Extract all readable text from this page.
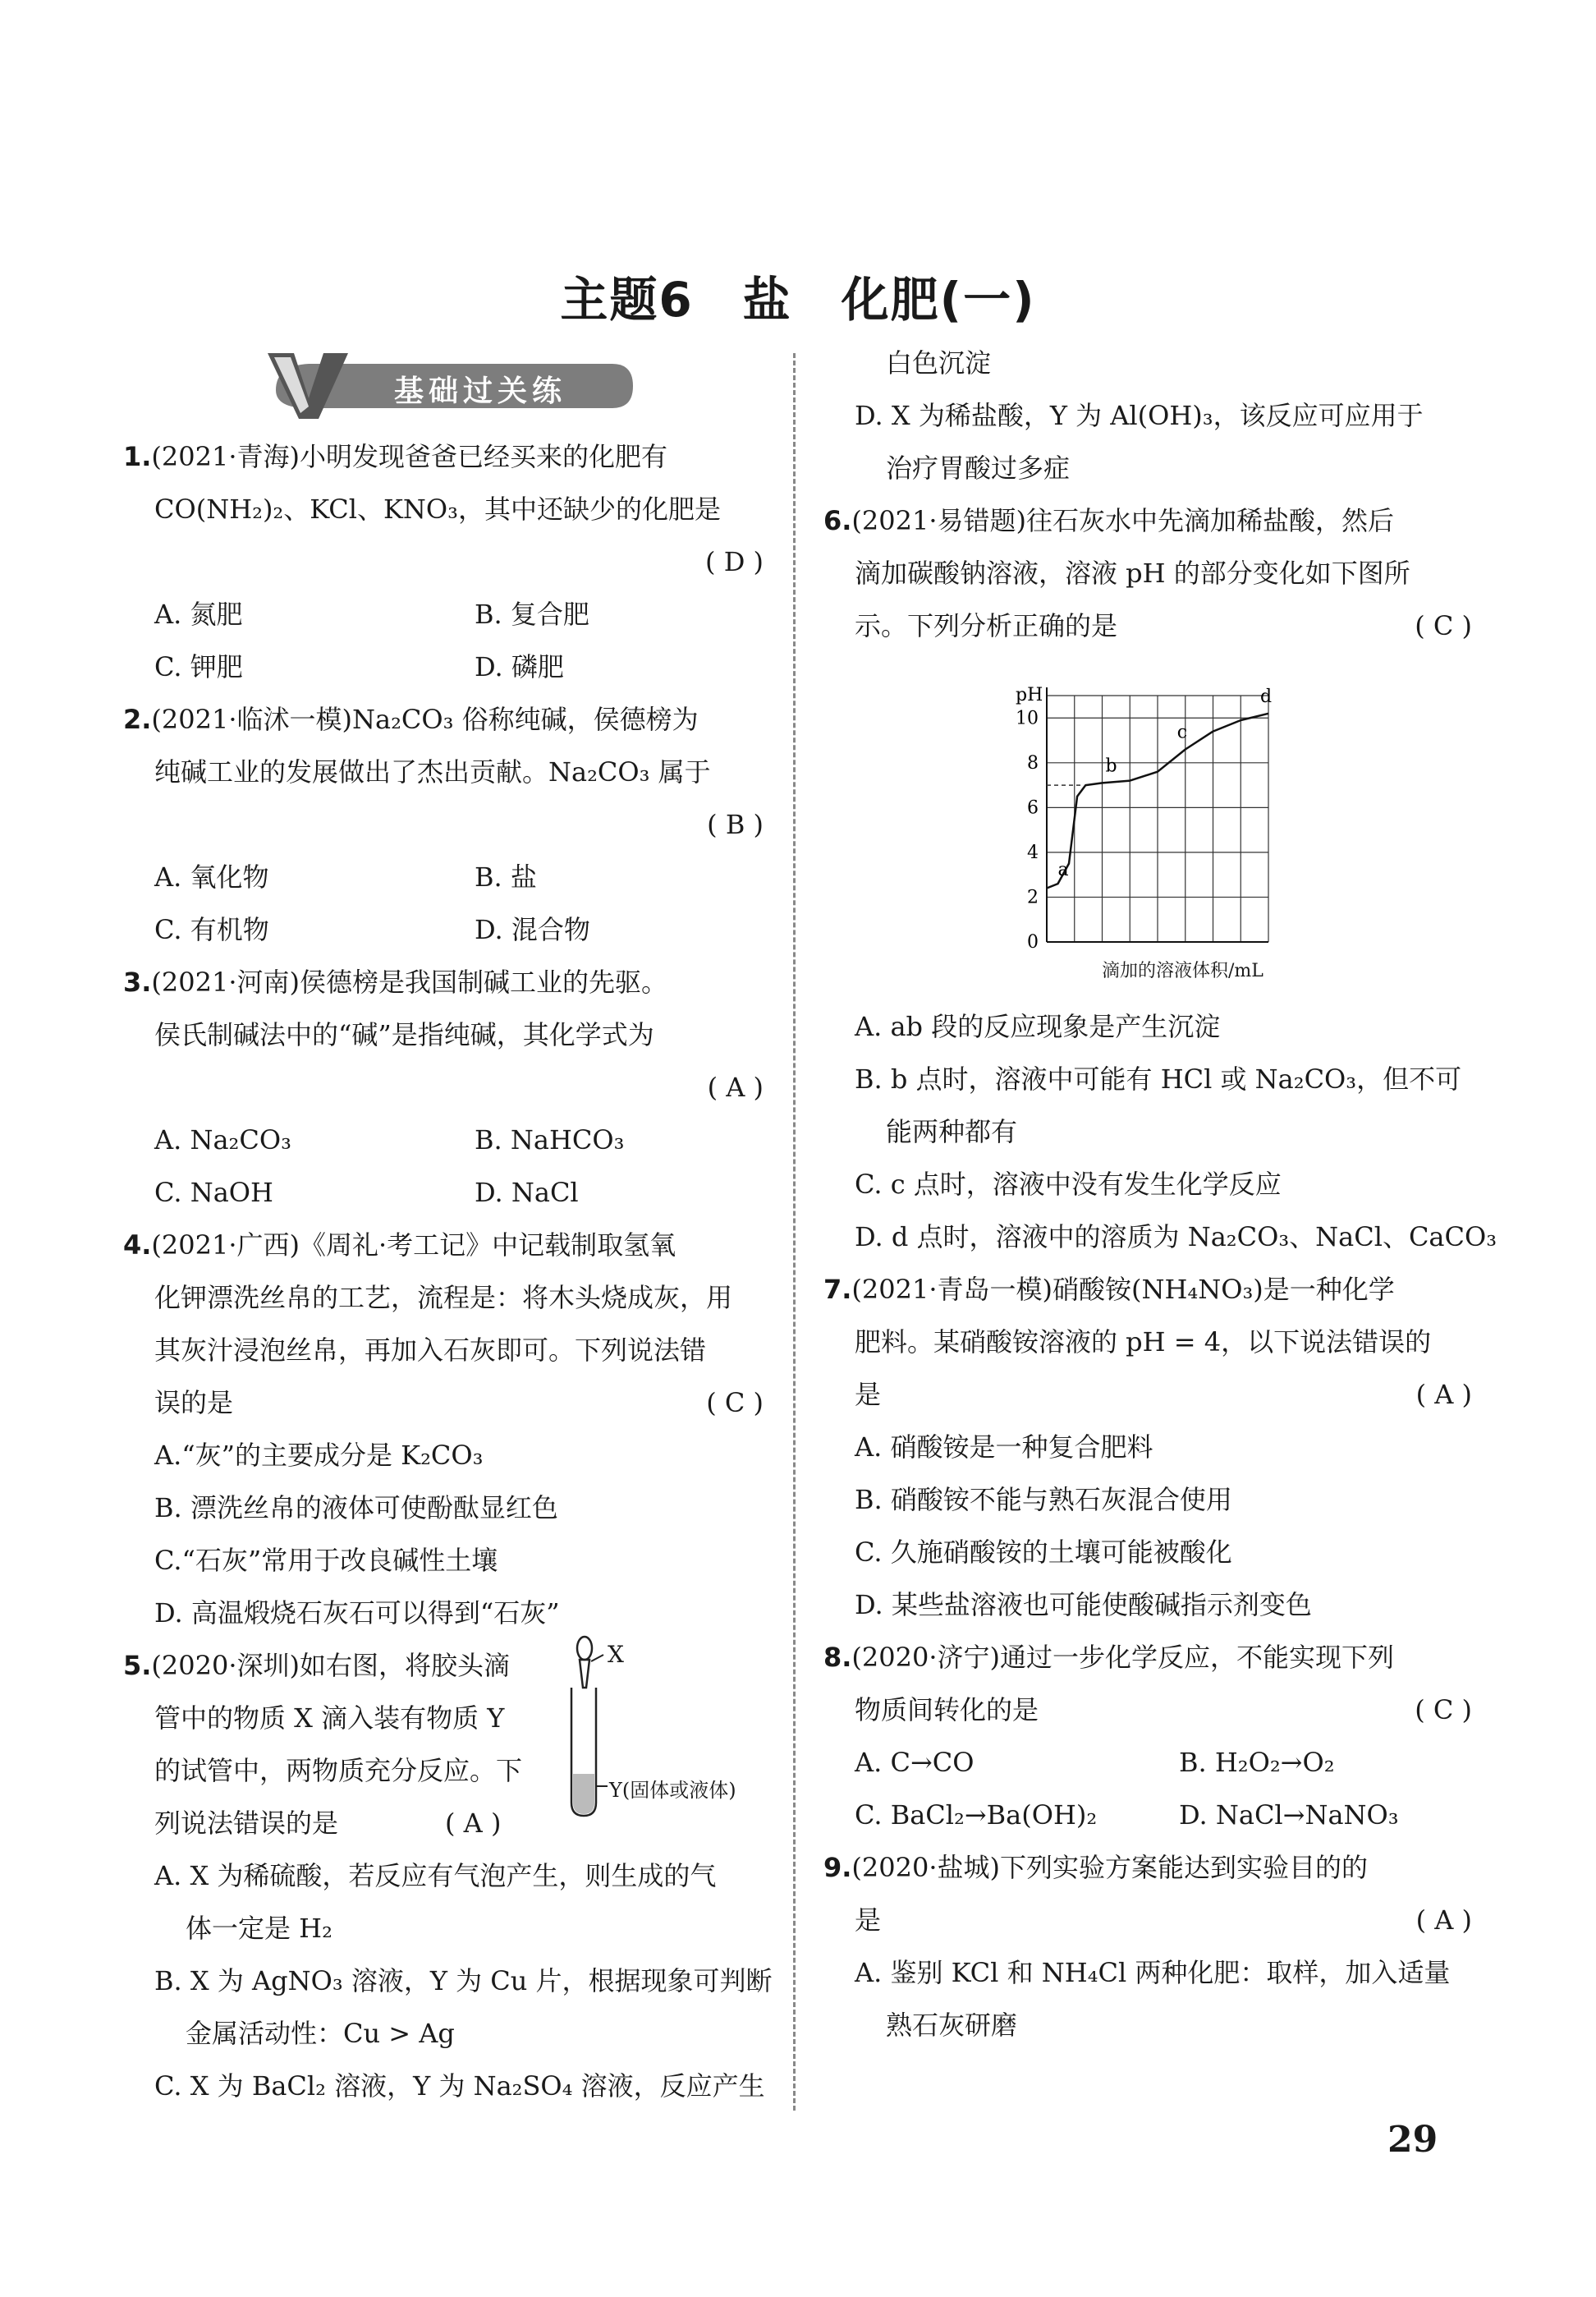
主题6　盐　化肥(一)
基础过关练
1.(2021·青海)小明发现爸爸已经买来的化肥有
CO(NH₂)₂、KCl、KNO₃，其中还缺少的化肥是
( D )
A. 氮肥	B. 复合肥
C. 钾肥	D. 磷肥
2.(2021·临沭一模)Na₂CO₃ 俗称纯碱，侯德榜为
纯碱工业的发展做出了杰出贡献。Na₂CO₃ 属于
( B )
A. 氧化物	B. 盐
C. 有机物	D. 混合物
3.(2021·河南)侯德榜是我国制碱工业的先驱。
侯氏制碱法中的“碱”是指纯碱，其化学式为
( A )
A. Na₂CO₃	B. NaHCO₃
C. NaOH	D. NaCl
4.(2021·广西)《周礼·考工记》中记载制取氢氧
化钾漂洗丝帛的工艺，流程是：将木头烧成灰，用
其灰汁浸泡丝帛，再加入石灰即可。下列说法错
误的是	( C )
A.“灰”的主要成分是 K₂CO₃
B. 漂洗丝帛的液体可使酚酞显红色
C.“石灰”常用于改良碱性土壤
D. 高温煅烧石灰石可以得到“石灰”
5.(2020·深圳)如右图，将胶头滴
管中的物质 X 滴入装有物质 Y
的试管中，两物质充分反应。下
列说法错误的是	( A )
A. X 为稀硫酸，若反应有气泡产生，则生成的气
体一定是 H₂
B. X 为 AgNO₃ 溶液，Y 为 Cu 片，根据现象可判断
金属活动性：Cu > Ag
C. X 为 BaCl₂ 溶液，Y 为 Na₂SO₄ 溶液，反应产生
X
Y(固体或液体)
白色沉淀
D. X 为稀盐酸，Y 为 Al(OH)₃，该反应可应用于
治疗胃酸过多症
6.(2021·易错题)往石灰水中先滴加稀盐酸，然后
滴加碳酸钠溶液，溶液 pH 的部分变化如下图所
示。下列分析正确的是	( C )
A. ab 段的反应现象是产生沉淀
B. b 点时，溶液中可能有 HCl 或 Na₂CO₃，但不可
能两种都有
C. c 点时，溶液中没有发生化学反应
D. d 点时，溶液中的溶质为 Na₂CO₃、NaCl、CaCO₃
7.(2021·青岛一模)硝酸铵(NH₄NO₃)是一种化学
肥料。某硝酸铵溶液的 pH = 4，以下说法错误的
是	( A )
A. 硝酸铵是一种复合肥料
B. 硝酸铵不能与熟石灰混合使用
C. 久施硝酸铵的土壤可能被酸化
D. 某些盐溶液也可能使酸碱指示剂变色
8.(2020·济宁)通过一步化学反应，不能实现下列
物质间转化的是	( C )
A. C→CO	B. H₂O₂→O₂
C. BaCl₂→Ba(OH)₂	D. NaCl→NaNO₃
9.(2020·盐城)下列实验方案能达到实验目的的
是	( A )
A. 鉴别 KCl 和 NH₄Cl 两种化肥：取样，加入适量
熟石灰研磨
0
2
4
6
8
10
pH
a
b
c
d
滴加的溶液体积/mL
29
